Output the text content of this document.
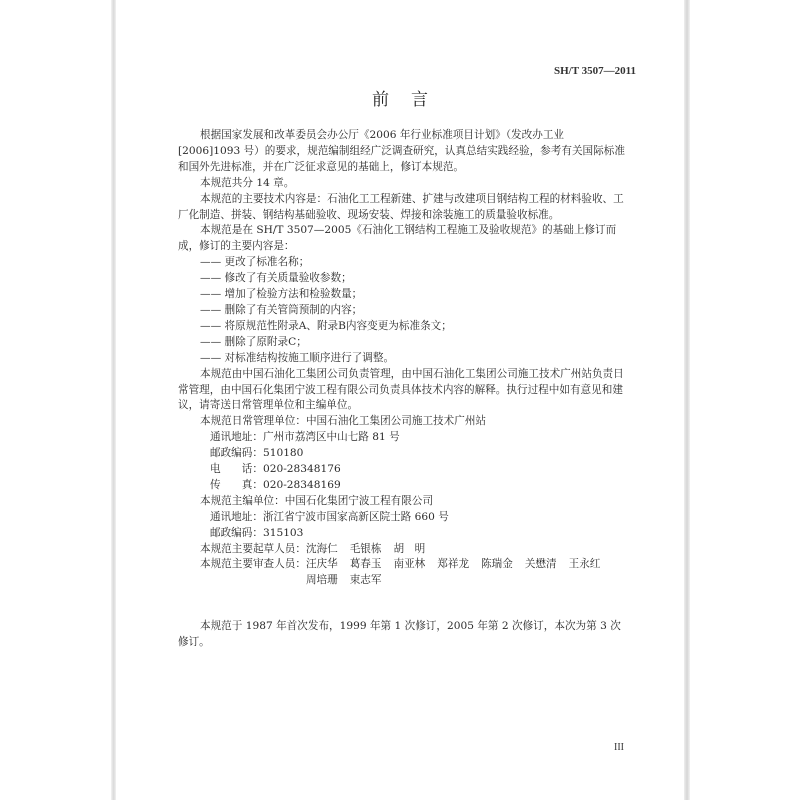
SH/T 3507—2011
前言

根据国家发展和改革委员会办公厅《2006 年行业标准项目计划》（发改办工业[2006]1093 号）的要求，规范编制组经广泛调查研究，认真总结实践经验，参考有关国际标准和国外先进标准，并在广泛征求意见的基础上，修订本规范。

本规范共分 14 章。

本规范的主要技术内容是：石油化工工程新建、扩建与改建项目钢结构工程的材料验收、工厂化制造、拼装、钢结构基础验收、现场安装、焊接和涂装施工的质量验收标准。

本规范是在 SH/T 3507—2005《石油化工钢结构工程施工及验收规范》的基础上修订而成，修订的主要内容是：

—— 更改了标准名称；
—— 修改了有关质量验收参数；
—— 增加了检验方法和检验数量；
—— 删除了有关管筒预制的内容；
—— 将原规范性附录A、附录B内容变更为标准条文；
—— 删除了原附录C；
—— 对标准结构按施工顺序进行了调整。

本规范由中国石油化工集团公司负责管理，由中国石油化工集团公司施工技术广州站负责日常管理，由中国石化集团宁波工程有限公司负责具体技术内容的解释。执行过程中如有意见和建议，请寄送日常管理单位和主编单位。

本规范日常管理单位：中国石油化工集团公司施工技术广州站
通讯地址：广州市荔湾区中山七路 81 号
邮政编码：510180
电　　话：020-28348176
传　　真：020-28348169
本规范主编单位：中国石化集团宁波工程有限公司
通讯地址：浙江省宁波市国家高新区院士路 660 号
邮政编码：315103
本规范主要起草人员： 沈海仁 毛银栋 胡　明
本规范主要审查人员： 汪庆华 葛春玉 南亚林 郑祥龙 陈瑞金 关懋清 王永红
周培珊 束志军

本规范于 1987 年首次发布，1999 年第 1 次修订，2005 年第 2 次修订，本次为第 3 次修订。

III
